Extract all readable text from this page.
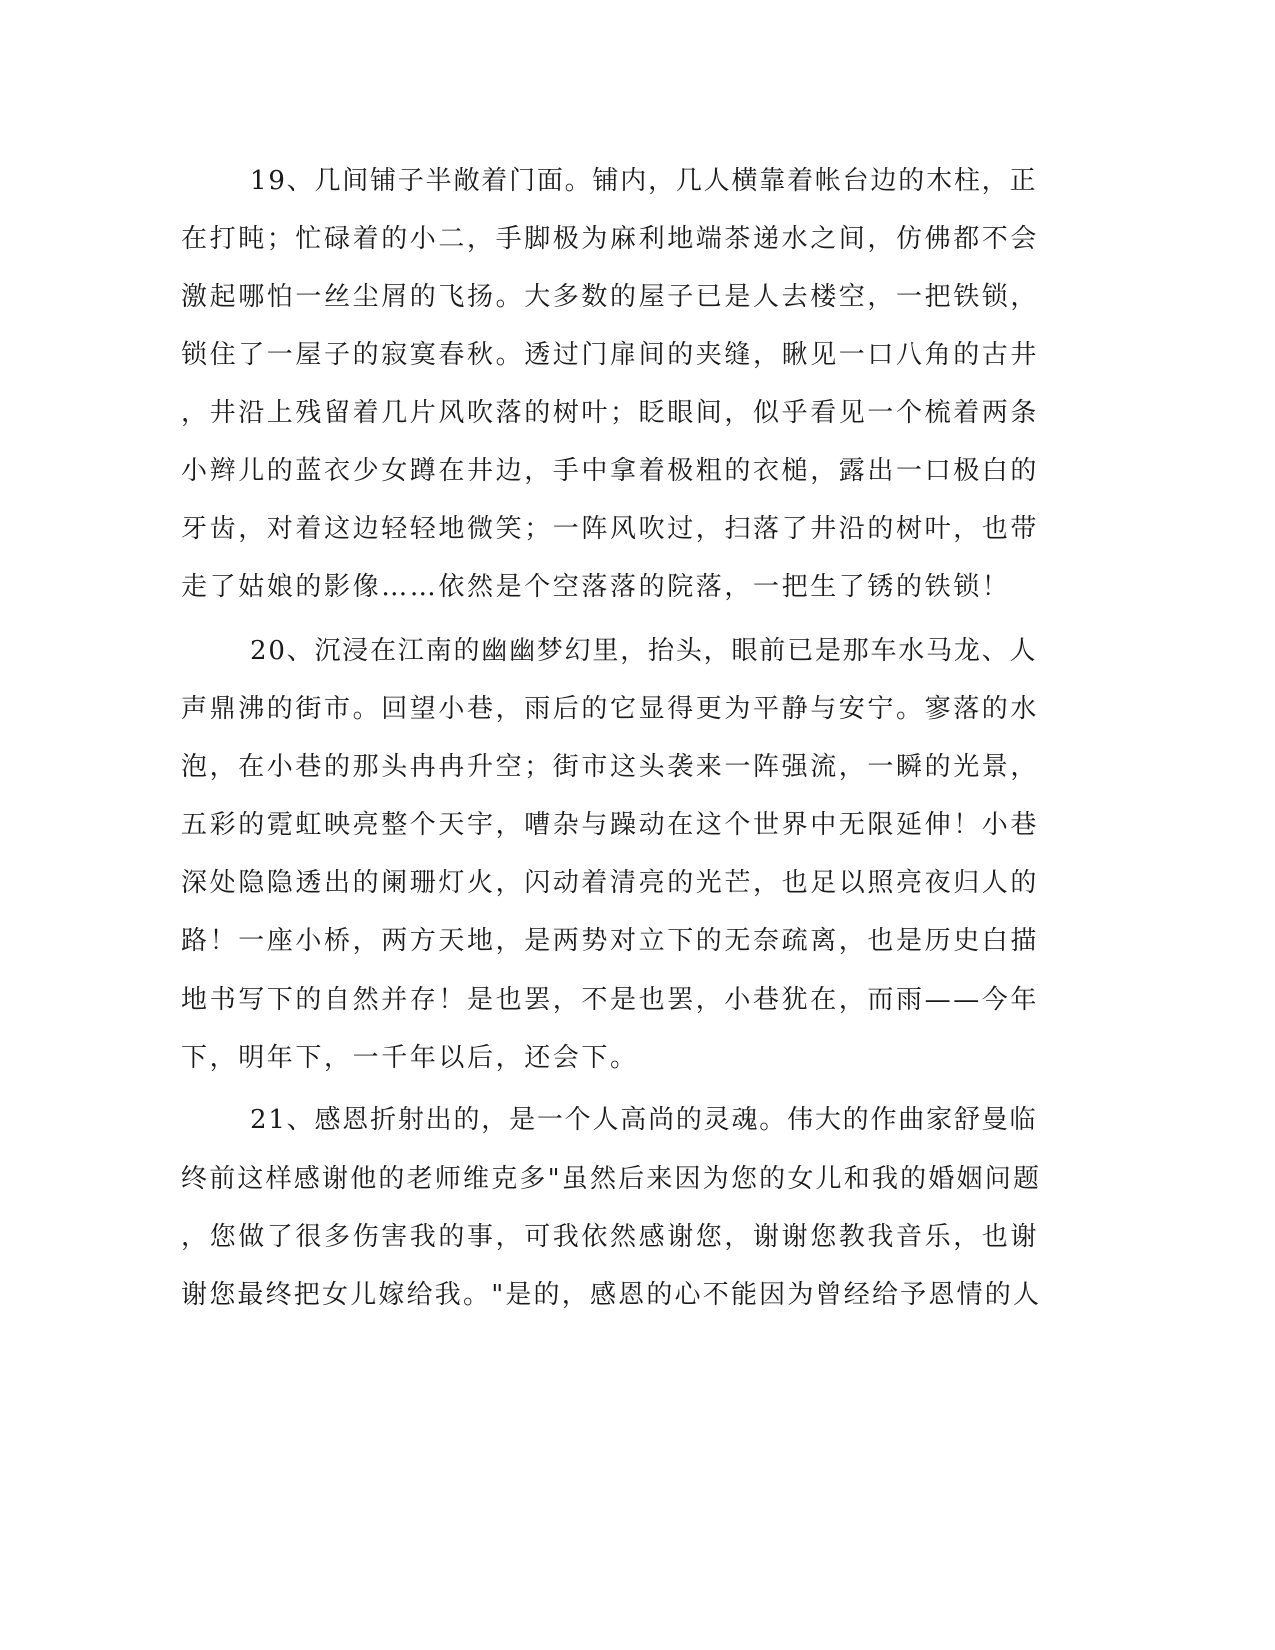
19、几间铺子半敞着门面。铺内，几人横靠着帐台边的木柱，正
在打盹；忙碌着的小二，手脚极为麻利地端茶递水之间，仿佛都不会
激起哪怕一丝尘屑的飞扬。大多数的屋子已是人去楼空，一把铁锁，
锁住了一屋子的寂寞春秋。透过门扉间的夹缝，瞅见一口八角的古井
，井沿上残留着几片风吹落的树叶；眨眼间，似乎看见一个梳着两条
小辫儿的蓝衣少女蹲在井边，手中拿着极粗的衣槌，露出一口极白的
牙齿，对着这边轻轻地微笑；一阵风吹过，扫落了井沿的树叶，也带
走了姑娘的影像……依然是个空落落的院落，一把生了锈的铁锁！
20、沉浸在江南的幽幽梦幻里，抬头，眼前已是那车水马龙、人
声鼎沸的街市。回望小巷，雨后的它显得更为平静与安宁。寥落的水
泡，在小巷的那头冉冉升空；街市这头袭来一阵强流，一瞬的光景，
五彩的霓虹映亮整个天宇，嘈杂与躁动在这个世界中无限延伸！小巷
深处隐隐透出的阑珊灯火，闪动着清亮的光芒，也足以照亮夜归人的
路！一座小桥，两方天地，是两势对立下的无奈疏离，也是历史白描
地书写下的自然并存！是也罢，不是也罢，小巷犹在，而雨——今年
下，明年下，一千年以后，还会下。
21、感恩折射出的，是一个人高尚的灵魂。伟大的作曲家舒曼临
终前这样感谢他的老师维克多"虽然后来因为您的女儿和我的婚姻问题
，您做了很多伤害我的事，可我依然感谢您，谢谢您教我音乐，也谢
谢您最终把女儿嫁给我。"是的，感恩的心不能因为曾经给予恩情的人
